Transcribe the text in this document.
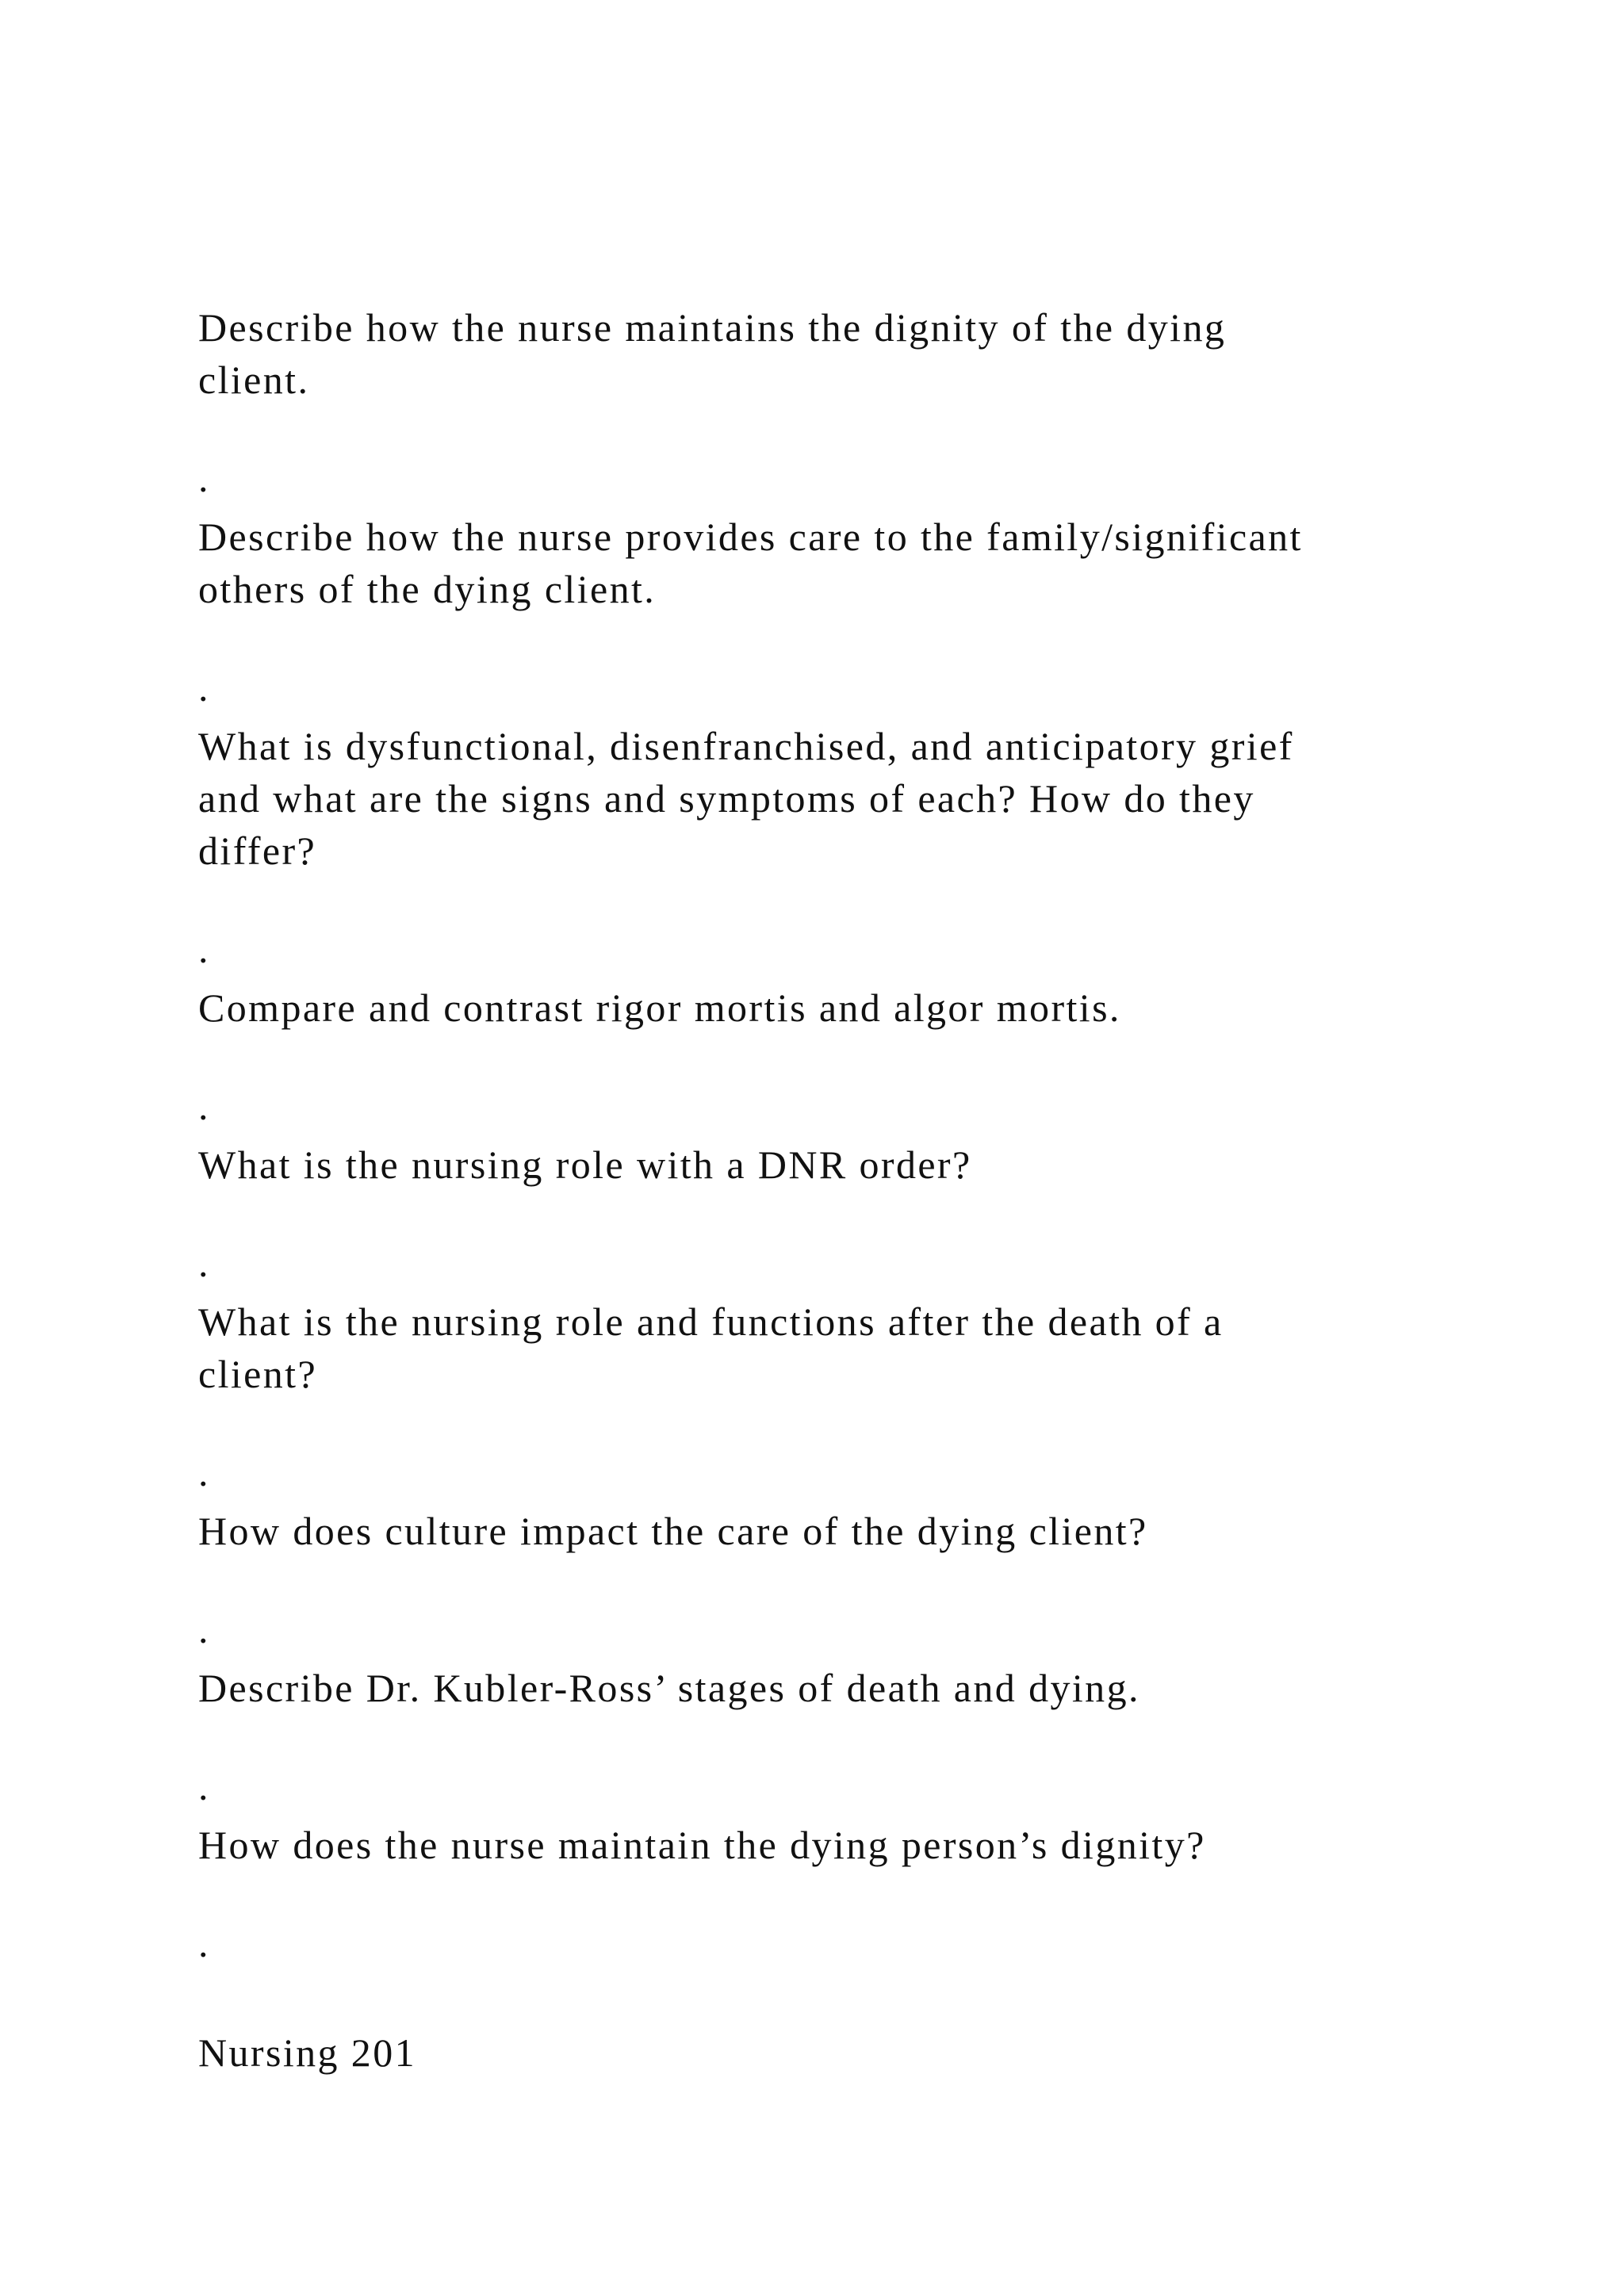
Describe how the nurse maintains the dignity of the dying
client.

.

Describe how the nurse provides care to the family/significant
others of the dying client.

.

What is dysfunctional, disenfranchised, and anticipatory grief
and what are the signs and symptoms of each? How do they
differ?

.

Compare and contrast rigor mortis and algor mortis.

.

What is the nursing role with a DNR order?

.

What is the nursing role and functions after the death of a
client?

.

How does culture impact the care of the dying client?

.

Describe Dr. Kubler-Ross’ stages of death and dying.

.

How does the nurse maintain the dying person’s dignity?

.

Nursing 201
